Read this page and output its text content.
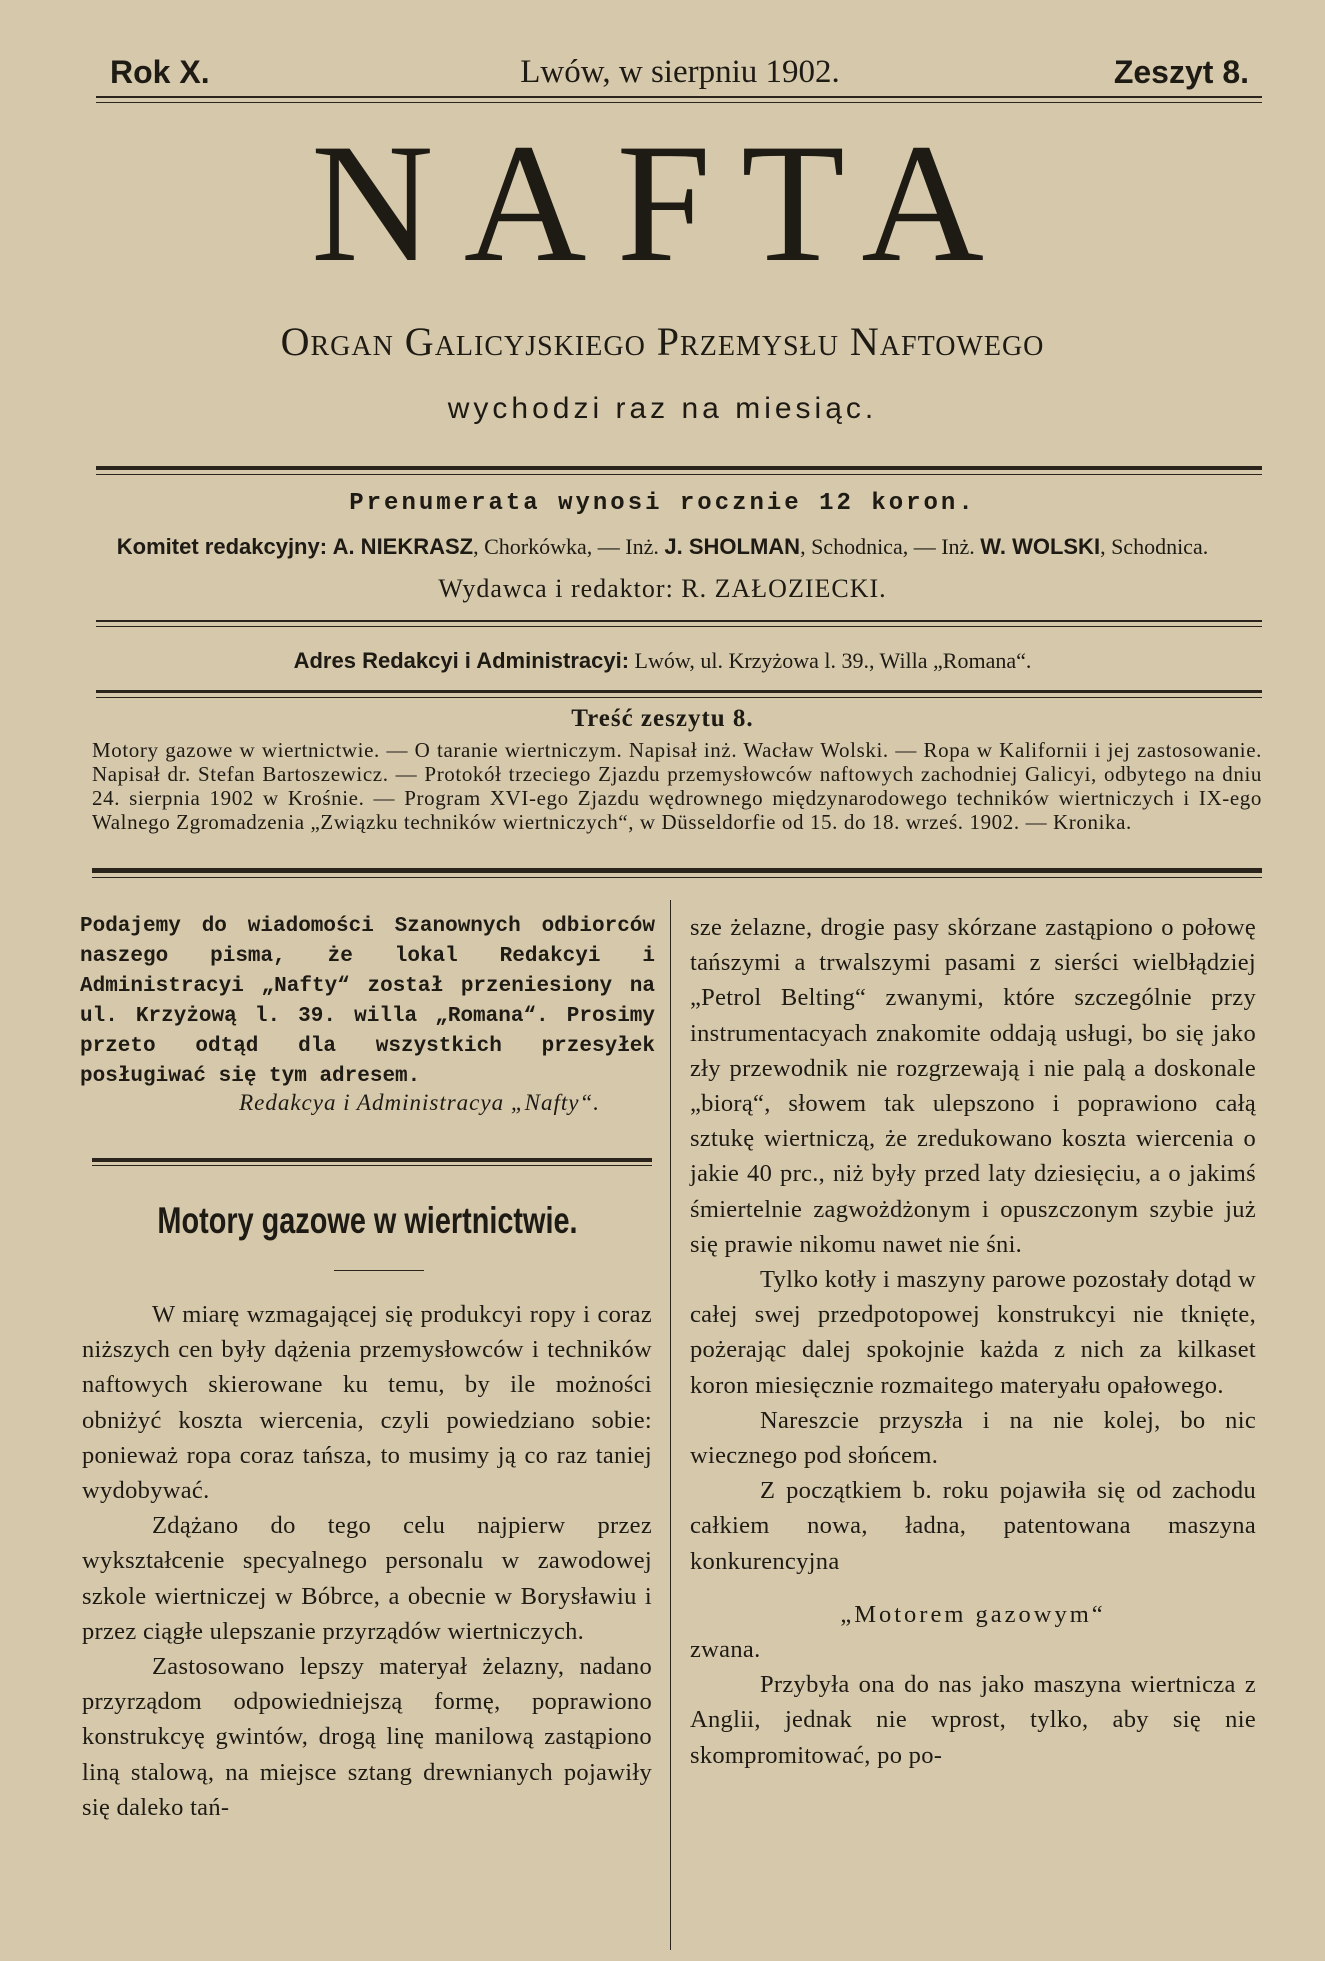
Rok X.	Lwów, w sierpniu 1902.	Zeszyt 8.
NAFTA
Organ Galicyjskiego Przemysłu Naftowego
wychodzi raz na miesiąc.
Prenumerata wynosi rocznie 12 koron.
Komitet redakcyjny: A. NIEKRASZ, Chorkówka, — Inż. J. SHOLMAN, Schodnica, — Inż. W. WOLSKI, Schodnica.
Wydawca i redaktor: R. ZAŁOZIECKI.
Adres Redakcyi i Administracyi: Lwów, ul. Krzyżowa l. 39., Willa „Romana“.
Treść zeszytu 8.
Motory gazowe w wiertnictwie. — O taranie wiertniczym. Napisał inż. Wacław Wolski. — Ropa w Kalifornii i jej zastosowanie. Napisał dr. Stefan Bartoszewicz. — Protokół trzeciego Zjazdu przemysłowców naftowych zachodniej Galicyi, odbytego na dniu 24. sierpnia 1902 w Krośnie. — Program XVI-ego Zjazdu wędrownego międzynarodowego techników wiertniczych i IX-ego Walnego Zgromadzenia „Związku techników wiertniczych“, w Düsseldorfie od 15. do 18. wrześ. 1902. — Kronika.
Podajemy do wiadomości Szanownych odbiorców naszego pisma, że lokal Redakcyi i Administracyi „Nafty“ został przeniesiony na ul. Krzyżową l. 39. willa „Romana“. Prosimy przeto odtąd dla wszystkich przesyłek posługiwać się tym adresem.
Redakcya i Administracya „Nafty“.
Motory gazowe w wiertnictwie.

W miarę wzmagającej się produkcyi ropy i coraz niższych cen były dążenia przemysłowców i techników naftowych skierowane ku temu, by ile możności obniżyć koszta wiercenia, czyli powiedziano sobie: ponieważ ropa coraz tańsza, to musimy ją co raz taniej wydobywać.

Zdążano do tego celu najpierw przez wykształcenie specyalnego personalu w zawodowej szkole wiertniczej w Bóbrce, a obecnie w Borysławiu i przez ciągłe ulepszanie przyrządów wiertniczych.

Zastosowano lepszy materyał żelazny, nadano przyrządom odpowiedniejszą formę, poprawiono konstrukcyę gwintów, drogą linę manilową zastąpiono liną stalową, na miejsce sztang drewnianych pojawiły się daleko tań-

sze żelazne, drogie pasy skórzane zastąpiono o połowę tańszymi a trwalszymi pasami z sierści wielbłądziej „Petrol Belting“ zwanymi, które szczególnie przy instrumentacyach znakomite oddają usługi, bo się jako zły przewodnik nie rozgrzewają i nie palą a doskonale „biorą“, słowem tak ulepszono i poprawiono całą sztukę wiertniczą, że zredukowano koszta wiercenia o jakie 40 prc., niż były przed laty dziesięciu, a o jakimś śmiertelnie zagwożdżonym i opuszczonym szybie już się prawie nikomu nawet nie śni.

Tylko kotły i maszyny parowe pozostały dotąd w całej swej przedpotopowej konstrukcyi nie tknięte, pożerając dalej spokojnie każda z nich za kilkaset koron miesięcznie rozmaitego materyału opałowego.

Nareszcie przyszła i na nie kolej, bo nic wiecznego pod słońcem.

Z początkiem b. roku pojawiła się od zachodu całkiem nowa, ładna, patentowana maszyna konkurencyjna

„Motorem gazowym“

zwana.

Przybyła ona do nas jako maszyna wiertnicza z Anglii, jednak nie wprost, tylko, aby się nie skompromitować, po po-
